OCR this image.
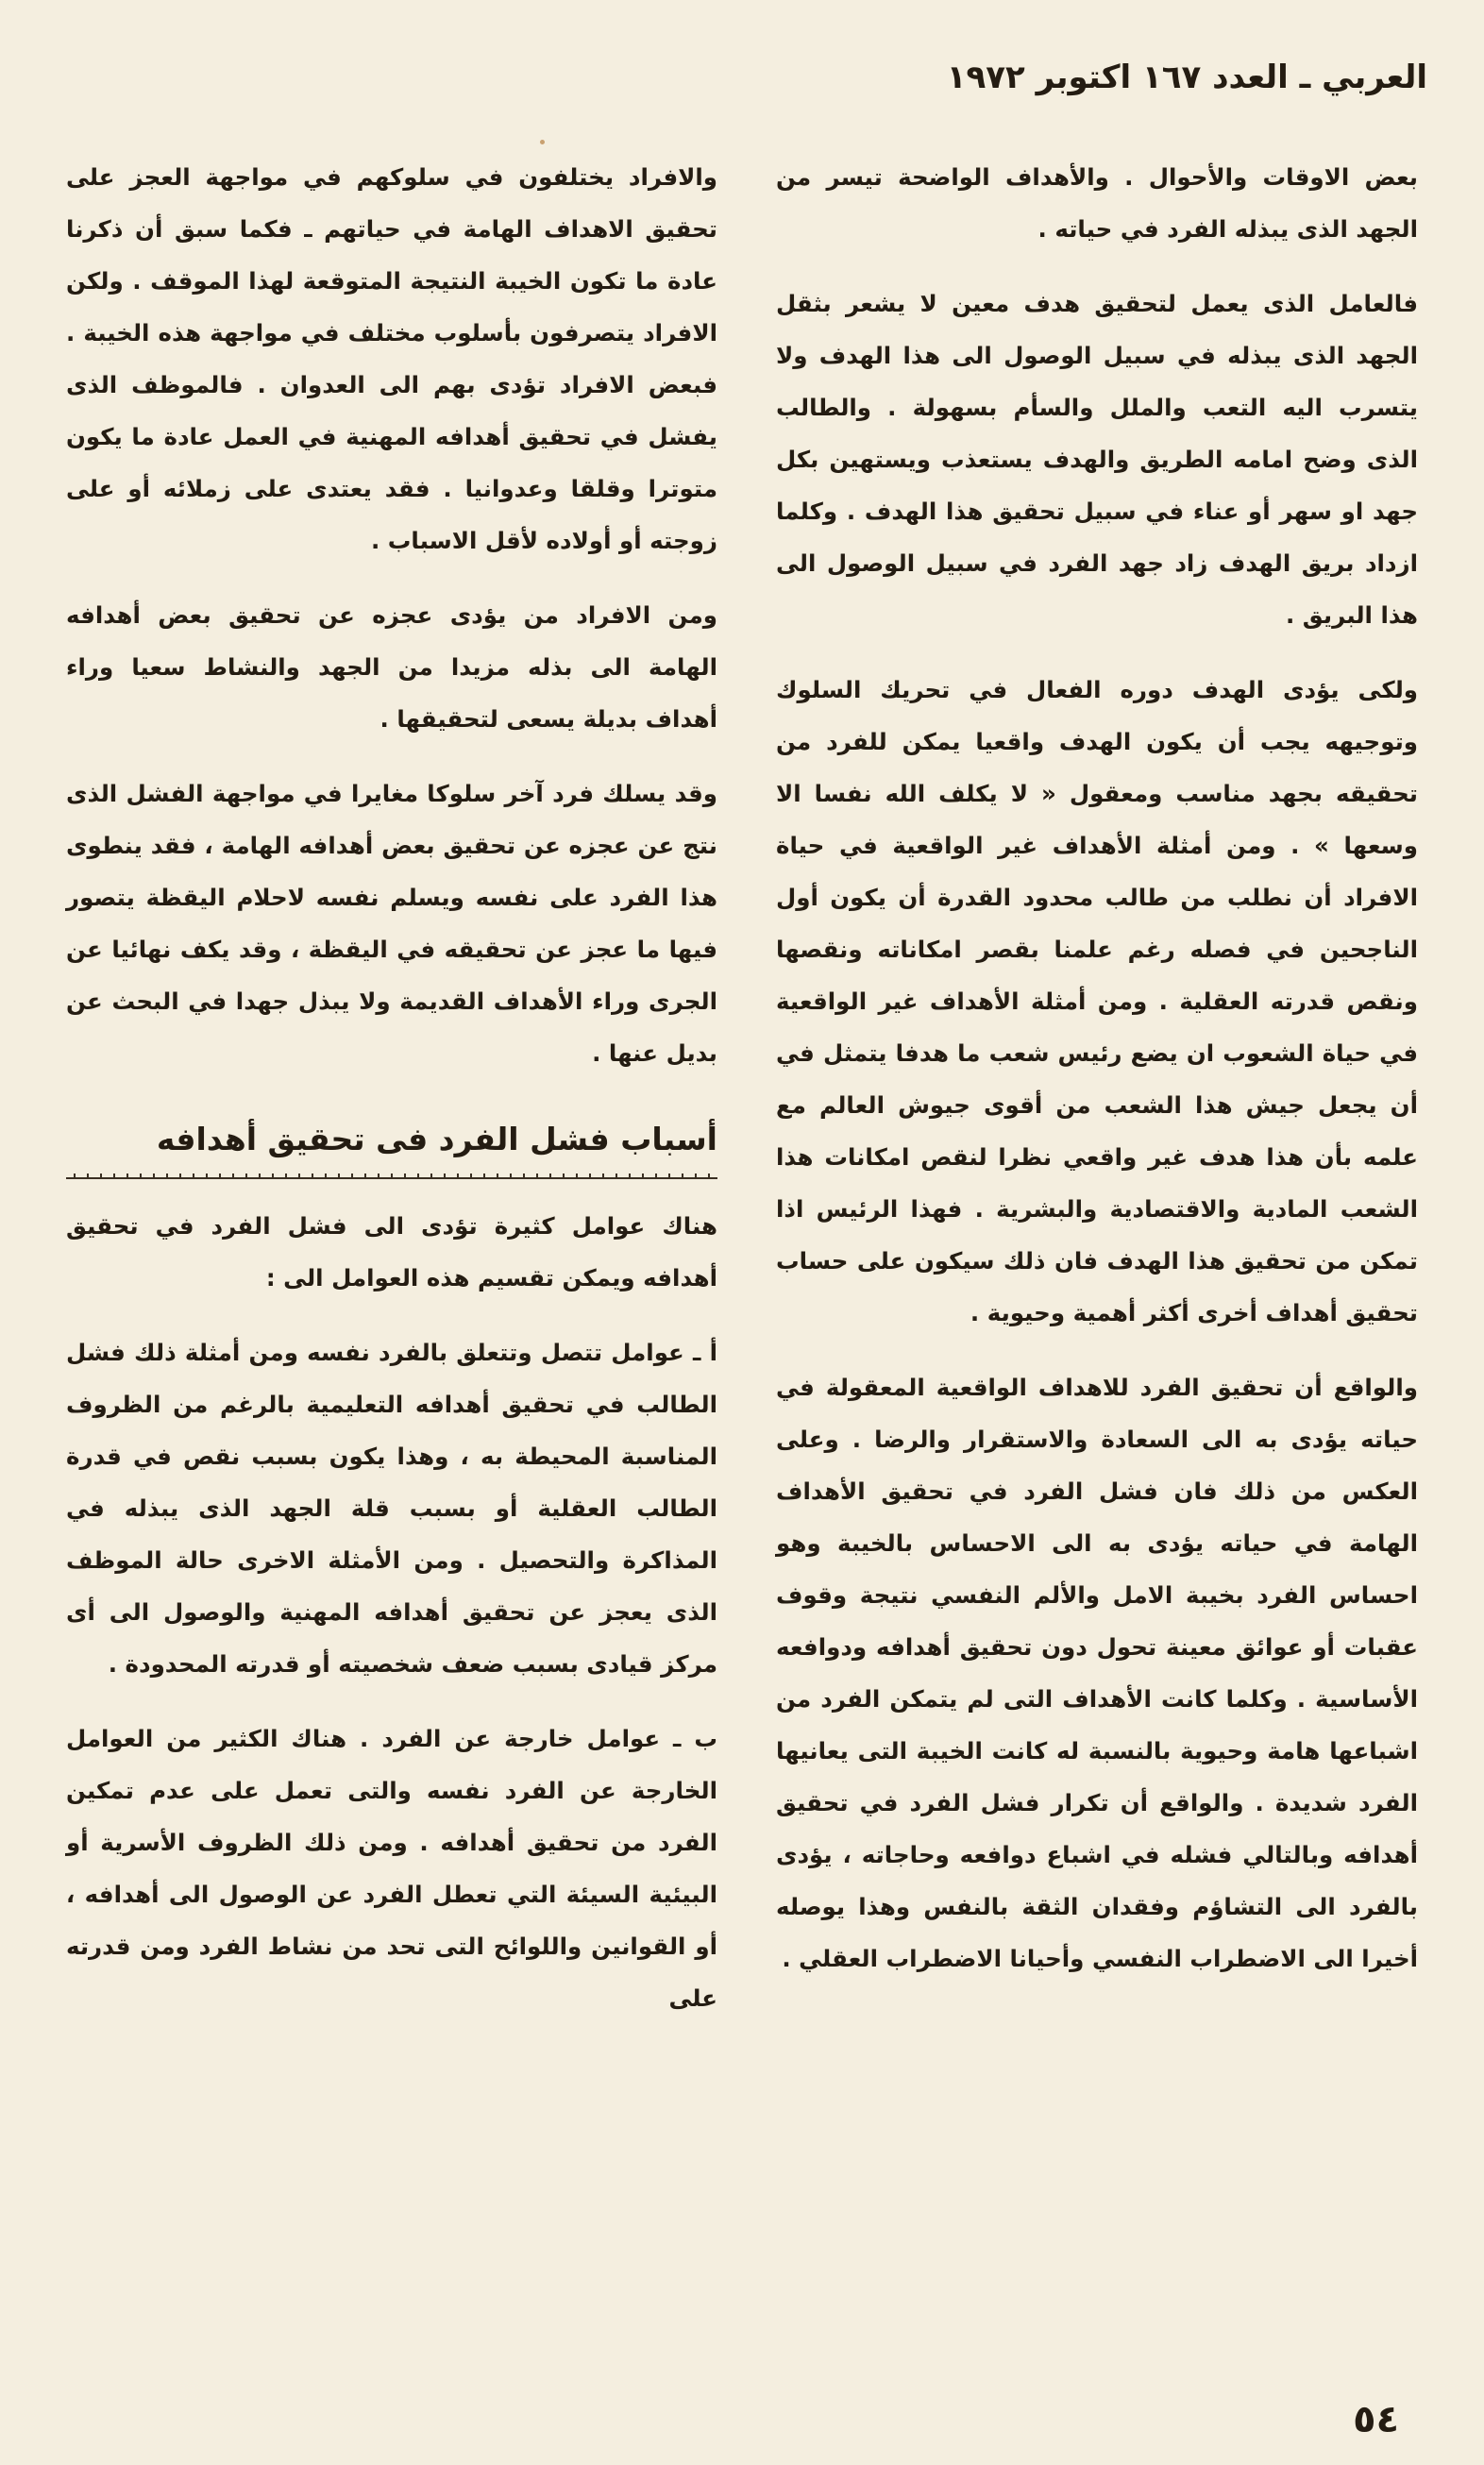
العربي ـ العدد ١٦٧ اكتوبر ١٩٧٢

بعض الاوقات والأحوال . والأهداف الواضحة تيسر من الجهد الذى يبذله الفرد في حياته .

فالعامل الذى يعمل لتحقيق هدف معين لا يشعر بثقل الجهد الذى يبذله في سبيل الوصول الى هذا الهدف ولا يتسرب اليه التعب والملل والسأم بسهولة . والطالب الذى وضح امامه الطريق والهدف يستعذب ويستهين بكل جهد او سهر أو عناء في سبيل تحقيق هذا الهدف . وكلما ازداد بريق الهدف زاد جهد الفرد في سبيل الوصول الى هذا البريق .

ولكى يؤدى الهدف دوره الفعال في تحريك السلوك وتوجيهه يجب أن يكون الهدف واقعيا يمكن للفرد من تحقيقه بجهد مناسب ومعقول « لا يكلف الله نفسا الا وسعها » . ومن أمثلة الأهداف غير الواقعية في حياة الافراد أن نطلب من طالب محدود القدرة أن يكون أول الناجحين في فصله رغم علمنا بقصر امكاناته ونقصها ونقص قدرته العقلية . ومن أمثلة الأهداف غير الواقعية في حياة الشعوب ان يضع رئيس شعب ما هدفا يتمثل في أن يجعل جيش هذا الشعب من أقوى جيوش العالم مع علمه بأن هذا هدف غير واقعي نظرا لنقص امكانات هذا الشعب المادية والاقتصادية والبشرية . فهذا الرئيس اذا تمكن من تحقيق هذا الهدف فان ذلك سيكون على حساب تحقيق أهداف أخرى أكثر أهمية وحيوية .

والواقع أن تحقيق الفرد للاهداف الواقعية المعقولة في حياته يؤدى به الى السعادة والاستقرار والرضا . وعلى العكس من ذلك فان فشل الفرد في تحقيق الأهداف الهامة في حياته يؤدى به الى الاحساس بالخيبة وهو احساس الفرد بخيبة الامل والألم النفسي نتيجة وقوف عقبات أو عوائق معينة تحول دون تحقيق أهدافه ودوافعه الأساسية . وكلما كانت الأهداف التى لم يتمكن الفرد من اشباعها هامة وحيوية بالنسبة له كانت الخيبة التى يعانيها الفرد شديدة . والواقع أن تكرار فشل الفرد في تحقيق أهدافه وبالتالي فشله في اشباع دوافعه وحاجاته ، يؤدى بالفرد الى التشاؤم وفقدان الثقة بالنفس وهذا يوصله أخيرا الى الاضطراب النفسي وأحيانا الاضطراب العقلي .

والافراد يختلفون في سلوكهم في مواجهة العجز على تحقيق الاهداف الهامة في حياتهم ـ فكما سبق أن ذكرنا عادة ما تكون الخيبة النتيجة المتوقعة لهذا الموقف . ولكن الافراد يتصرفون بأسلوب مختلف في مواجهة هذه الخيبة . فبعض الافراد تؤدى بهم الى العدوان . فالموظف الذى يفشل في تحقيق أهدافه المهنية في العمل عادة ما يكون متوترا وقلقا وعدوانيا . فقد يعتدى على زملائه أو على زوجته أو أولاده لأقل الاسباب .

ومن الافراد من يؤدى عجزه عن تحقيق بعض أهدافه الهامة الى بذله مزيدا من الجهد والنشاط سعيا وراء أهداف بديلة يسعى لتحقيقها .

وقد يسلك فرد آخر سلوكا مغايرا في مواجهة الفشل الذى نتج عن عجزه عن تحقيق بعض أهدافه الهامة ، فقد ينطوى هذا الفرد على نفسه ويسلم نفسه لاحلام اليقظة يتصور فيها ما عجز عن تحقيقه في اليقظة ، وقد يكف نهائيا عن الجرى وراء الأهداف القديمة ولا يبذل جهدا في البحث عن بديل عنها .

أسباب فشل الفرد فى تحقيق أهدافه

هناك عوامل كثيرة تؤدى الى فشل الفرد في تحقيق أهدافه ويمكن تقسيم هذه العوامل الى :

أ ـ عوامل تتصل وتتعلق بالفرد نفسه ومن أمثلة ذلك فشل الطالب في تحقيق أهدافه التعليمية بالرغم من الظروف المناسبة المحيطة به ، وهذا يكون بسبب نقص في قدرة الطالب العقلية أو بسبب قلة الجهد الذى يبذله في المذاكرة والتحصيل . ومن الأمثلة الاخرى حالة الموظف الذى يعجز عن تحقيق أهدافه المهنية والوصول الى أى مركز قيادى بسبب ضعف شخصيته أو قدرته المحدودة .

ب ـ عوامل خارجة عن الفرد . هناك الكثير من العوامل الخارجة عن الفرد نفسه والتى تعمل على عدم تمكين الفرد من تحقيق أهدافه . ومن ذلك الظروف الأسرية أو البيئية السيئة التي تعطل الفرد عن الوصول الى أهدافه ، أو القوانين واللوائح التى تحد من نشاط الفرد ومن قدرته على

٥٤
